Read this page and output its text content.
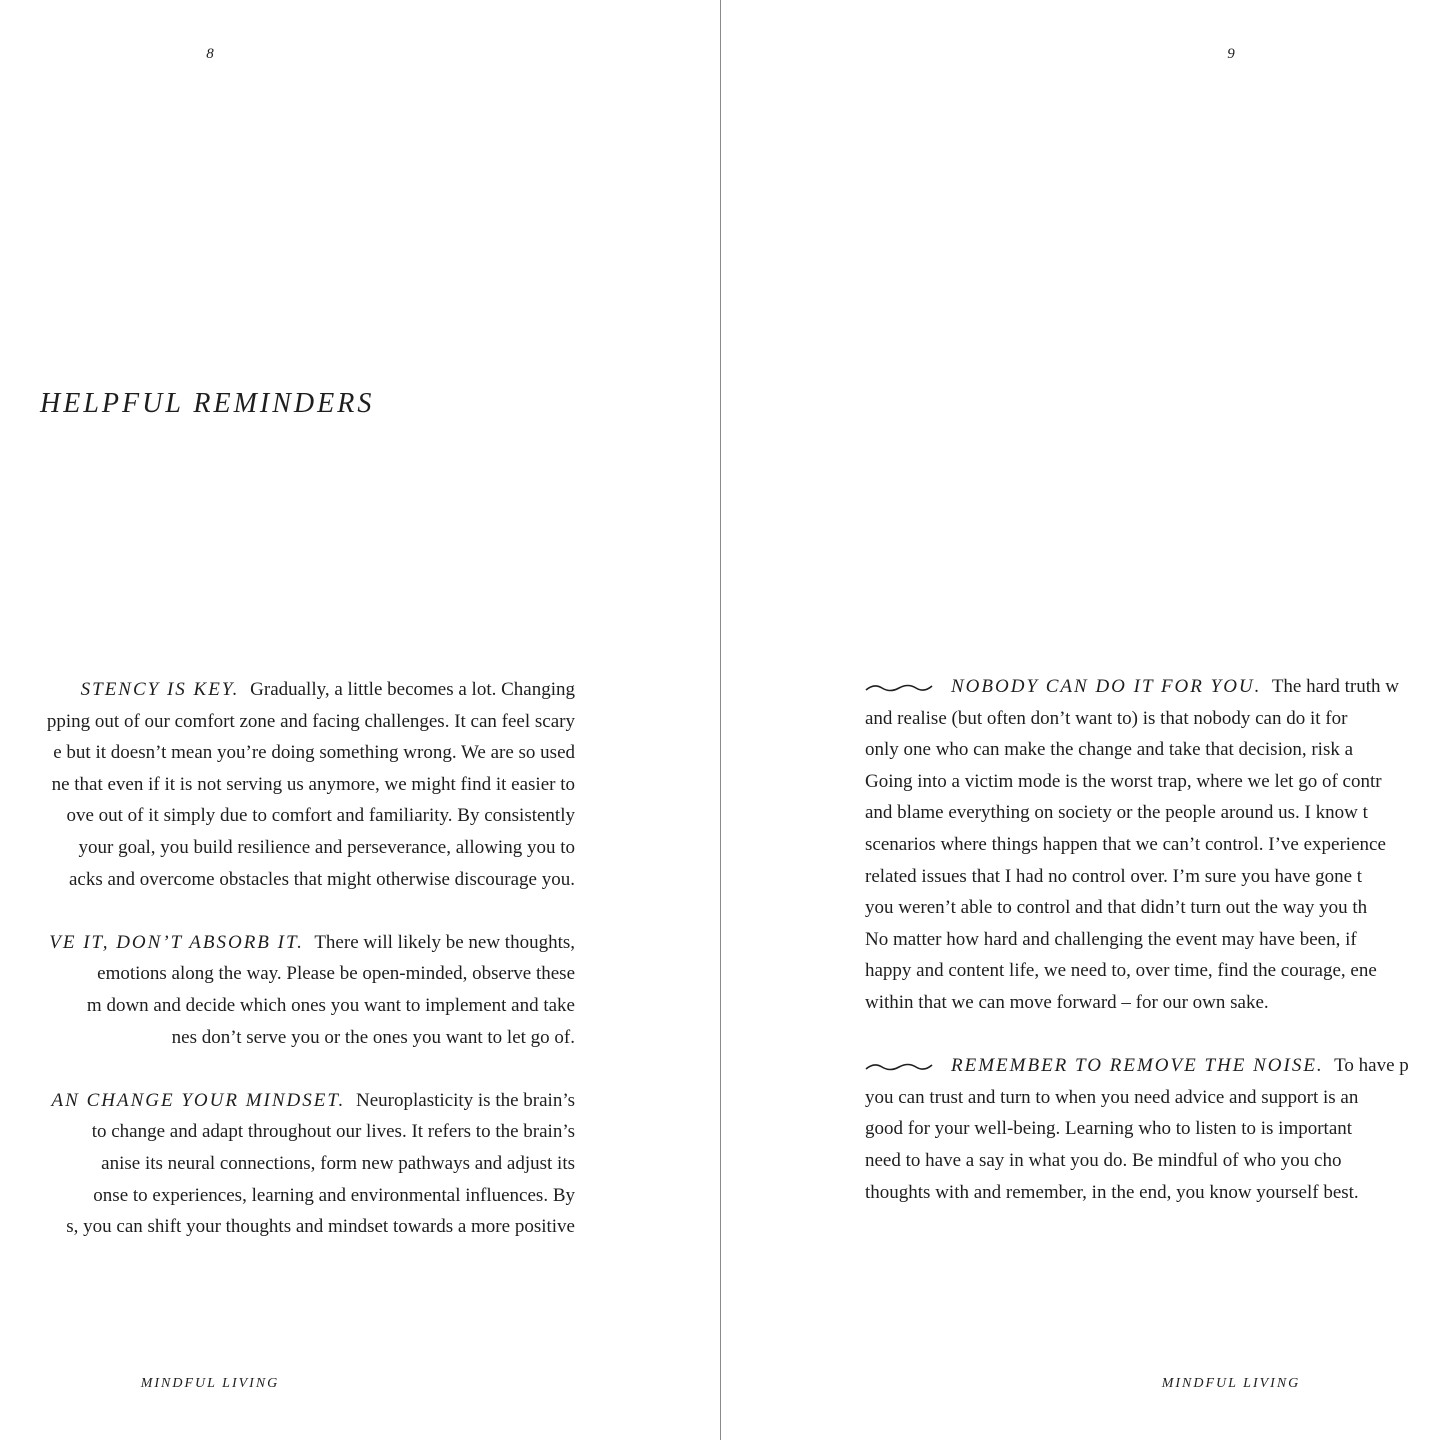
8
HELPFUL REMINDERS
STENCY IS KEY. Gradually, a little becomes a lot. Changing
pping out of our comfort zone and facing challenges. It can feel scary
e but it doesn’t mean you’re doing something wrong. We are so used
ne that even if it is not serving us anymore, we might find it easier to
ove out of it simply due to comfort and familiarity. By consistently
your goal, you build resilience and perseverance, allowing you to
acks and overcome obstacles that might otherwise discourage you.
VE IT, DON’T ABSORB IT. There will likely be new thoughts,
emotions along the way. Please be open-minded, observe these
m down and decide which ones you want to implement and take
nes don’t serve you or the ones you want to let go of.
AN CHANGE YOUR MINDSET. Neuroplasticity is the brain’s
to change and adapt throughout our lives. It refers to the brain’s
anise its neural connections, form new pathways and adjust its
onse to experiences, learning and environmental influences. By
s, you can shift your thoughts and mindset towards a more positive
MINDFUL LIVING
9
NOBODY CAN DO IT FOR YOU. The hard truth w
and realise (but often don’t want to) is that nobody can do it for
only one who can make the change and take that decision, risk a
Going into a victim mode is the worst trap, where we let go of contr
and blame everything on society or the people around us. I know t
scenarios where things happen that we can’t control. I’ve experience
related issues that I had no control over. I’m sure you have gone t
you weren’t able to control and that didn’t turn out the way you th
No matter how hard and challenging the event may have been, if
happy and content life, we need to, over time, find the courage, ene
within that we can move forward – for our own sake.
REMEMBER TO REMOVE THE NOISE. To have p
you can trust and turn to when you need advice and support is an
good for your well-being. Learning who to listen to is important
need to have a say in what you do. Be mindful of who you cho
thoughts with and remember, in the end, you know yourself best.
MINDFUL LIVING
